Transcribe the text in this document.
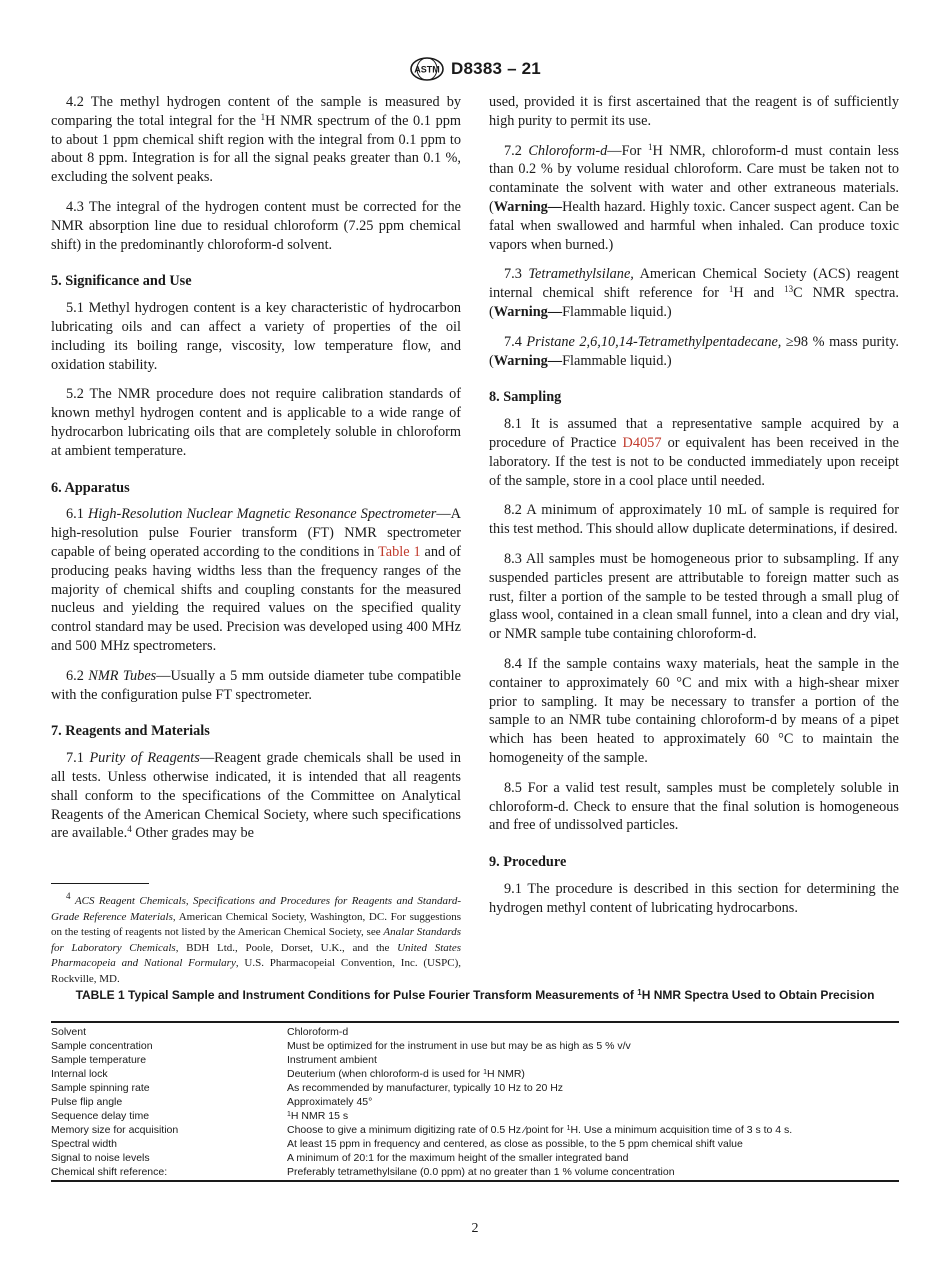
ASTM D8383 – 21

4.2 The methyl hydrogen content of the sample is measured by comparing the total integral for the $^1$H NMR spectrum of the 0.1 ppm to about 1 ppm chemical shift region with the integral from 0.1 ppm to about 8 ppm. Integration is for all the signal peaks greater than 0.1 %, excluding the solvent peaks.

4.3 The integral of the hydrogen content must be corrected for the NMR absorption line due to residual chloroform (7.25 ppm chemical shift) in the predominantly chloroform-d solvent.

5. Significance and Use

5.1 Methyl hydrogen content is a key characteristic of hydrocarbon lubricating oils and can affect a variety of properties of the oil including its boiling range, viscosity, low temperature flow, and oxidation stability.

5.2 The NMR procedure does not require calibration standards of known methyl hydrogen content and is applicable to a wide range of hydrocarbon lubricating oils that are completely soluble in chloroform at ambient temperature.

6. Apparatus

6.1 High-Resolution Nuclear Magnetic Resonance Spectrometer—A high-resolution pulse Fourier transform (FT) NMR spectrometer capable of being operated according to the conditions in Table 1 and of producing peaks having widths less than the frequency ranges of the majority of chemical shifts and coupling constants for the measured nucleus and yielding the required values on the specified quality control standard may be used. Precision was developed using 400 MHz and 500 MHz spectrometers.

6.2 NMR Tubes—Usually a 5 mm outside diameter tube compatible with the configuration pulse FT spectrometer.

7. Reagents and Materials

7.1 Purity of Reagents—Reagent grade chemicals shall be used in all tests. Unless otherwise indicated, it is intended that all reagents shall conform to the specifications of the Committee on Analytical Reagents of the American Chemical Society, where such specifications are available.$^4$ Other grades may be

$^4$ ACS Reagent Chemicals, Specifications and Procedures for Reagents and Standard-Grade Reference Materials, American Chemical Society, Washington, DC. For suggestions on the testing of reagents not listed by the American Chemical Society, see Analar Standards for Laboratory Chemicals, BDH Ltd., Poole, Dorset, U.K., and the United States Pharmacopeia and National Formulary, U.S. Pharmacopeial Convention, Inc. (USPC), Rockville, MD.

used, provided it is first ascertained that the reagent is of sufficiently high purity to permit its use.

7.2 Chloroform-d—For $^1$H NMR, chloroform-d must contain less than 0.2 % by volume residual chloroform. Care must be taken not to contaminate the solvent with water and other extraneous materials. (Warning—Health hazard. Highly toxic. Cancer suspect agent. Can be fatal when swallowed and harmful when inhaled. Can produce toxic vapors when burned.)

7.3 Tetramethylsilane, American Chemical Society (ACS) reagent internal chemical shift reference for $^1$H and $^{13}$C NMR spectra. (Warning—Flammable liquid.)

7.4 Pristane 2,6,10,14-Tetramethylpentadecane, ≥98 % mass purity. (Warning—Flammable liquid.)

8. Sampling

8.1 It is assumed that a representative sample acquired by a procedure of Practice D4057 or equivalent has been received in the laboratory. If the test is not to be conducted immediately upon receipt of the sample, store in a cool place until needed.

8.2 A minimum of approximately 10 mL of sample is required for this test method. This should allow duplicate determinations, if desired.

8.3 All samples must be homogeneous prior to subsampling. If any suspended particles present are attributable to foreign matter such as rust, filter a portion of the sample to be tested through a small plug of glass wool, contained in a clean small funnel, into a clean and dry vial, or NMR sample tube containing chloroform-d.

8.4 If the sample contains waxy materials, heat the sample in the container to approximately 60 °C and mix with a high-shear mixer prior to sampling. It may be necessary to transfer a portion of the sample to an NMR tube containing chloroform-d by means of a pipet which has been heated to approximately 60 °C to maintain the homogeneity of the sample.

8.5 For a valid test result, samples must be completely soluble in chloroform-d. Check to ensure that the final solution is homogeneous and free of undissolved particles.

9. Procedure

9.1 The procedure is described in this section for determining the hydrogen methyl content of lubricating hydrocarbons.

TABLE 1 Typical Sample and Instrument Conditions for Pulse Fourier Transform Measurements of $^1$H NMR Spectra Used to Obtain Precision
Solvent	Chloroform-d
Sample concentration	Must be optimized for the instrument in use but may be as high as 5 % v/v
Sample temperature	Instrument ambient
Internal lock	Deuterium (when chloroform-d is used for $^1$H NMR)
Sample spinning rate	As recommended by manufacturer, typically 10 Hz to 20 Hz
Pulse flip angle	Approximately 45°
Sequence delay time	$^1$H NMR 15 s
Memory size for acquisition	Choose to give a minimum digitizing rate of 0.5 Hz ⁄point for $^1$H. Use a minimum acquisition time of 3 s to 4 s.
Spectral width	At least 15 ppm in frequency and centered, as close as possible, to the 5 ppm chemical shift value
Signal to noise levels	A minimum of 20:1 for the maximum height of the smaller integrated band
Chemical shift reference:	Preferably tetramethylsilane (0.0 ppm) at no greater than 1 % volume concentration
2
